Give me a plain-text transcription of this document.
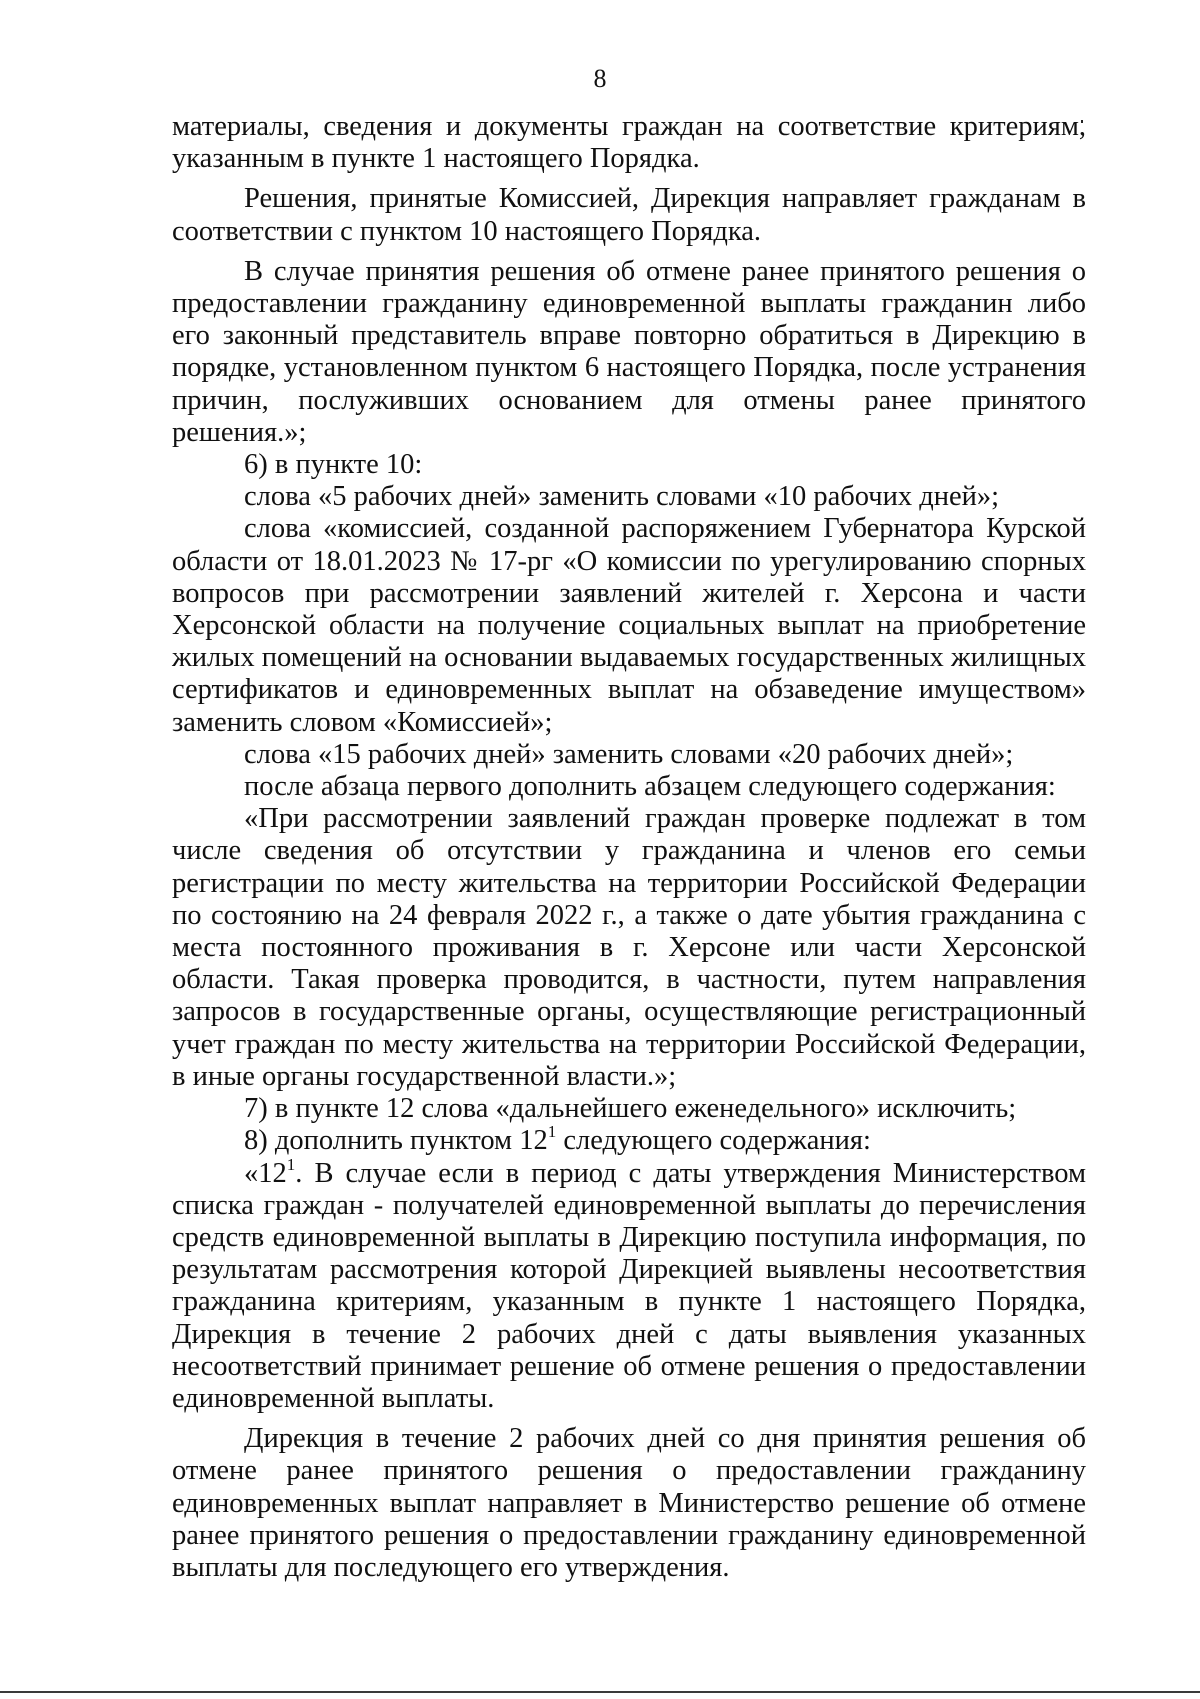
8

материалы, сведения и документы граждан на соответствие критериям, указанным в пункте 1 настоящего Порядка.

Решения, принятые Комиссией, Дирекция направляет гражданам в соответствии с пунктом 10 настоящего Порядка.

В случае принятия решения об отмене ранее принятого решения о предоставлении гражданину единовременной выплаты гражданин либо его законный представитель вправе повторно обратиться в Дирекцию в порядке, установленном пунктом 6 настоящего Порядка, после устранения причин, послуживших основанием для отмены ранее принятого решения.»;

6) в пункте 10:

слова «5 рабочих дней» заменить словами «10 рабочих дней»;

слова «комиссией, созданной распоряжением Губернатора Курской области от 18.01.2023 № 17-рг «О комиссии по урегулированию спорных вопросов при рассмотрении заявлений жителей г. Херсона и части Херсонской области на получение социальных выплат на приобретение жилых помещений на основании выдаваемых государственных жилищных сертификатов и единовременных выплат на обзаведение имуществом» заменить словом «Комиссией»;

слова «15 рабочих дней» заменить словами «20 рабочих дней»;

после абзаца первого дополнить абзацем следующего содержания:

«При рассмотрении заявлений граждан проверке подлежат в том числе сведения об отсутствии у гражданина и членов его семьи регистрации по месту жительства на территории Российской Федерации по состоянию на 24 февраля 2022 г., а также о дате убытия гражданина с места постоянного проживания в г. Херсоне или части Херсонской области. Такая проверка проводится, в частности, путем направления запросов в государственные органы, осуществляющие регистрационный учет граждан по месту жительства на территории Российской Федерации, в иные органы государственной власти.»;

7) в пункте 12 слова «дальнейшего еженедельного» исключить;

8) дополнить пунктом $12^1$ следующего содержания:

«$12^1$. В случае если в период с даты утверждения Министерством списка граждан - получателей единовременной выплаты до перечисления средств единовременной выплаты в Дирекцию поступила информация, по результатам рассмотрения которой Дирекцией выявлены несоответствия гражданина критериям, указанным в пункте 1 настоящего Порядка, Дирекция в течение 2 рабочих дней с даты выявления указанных несоответствий принимает решение об отмене решения о предоставлении единовременной выплаты.

Дирекция в течение 2 рабочих дней со дня принятия решения об отмене ранее принятого решения о предоставлении гражданину единовременных выплат направляет в Министерство решение об отмене ранее принятого решения о предоставлении гражданину единовременной выплаты для последующего его утверждения.
